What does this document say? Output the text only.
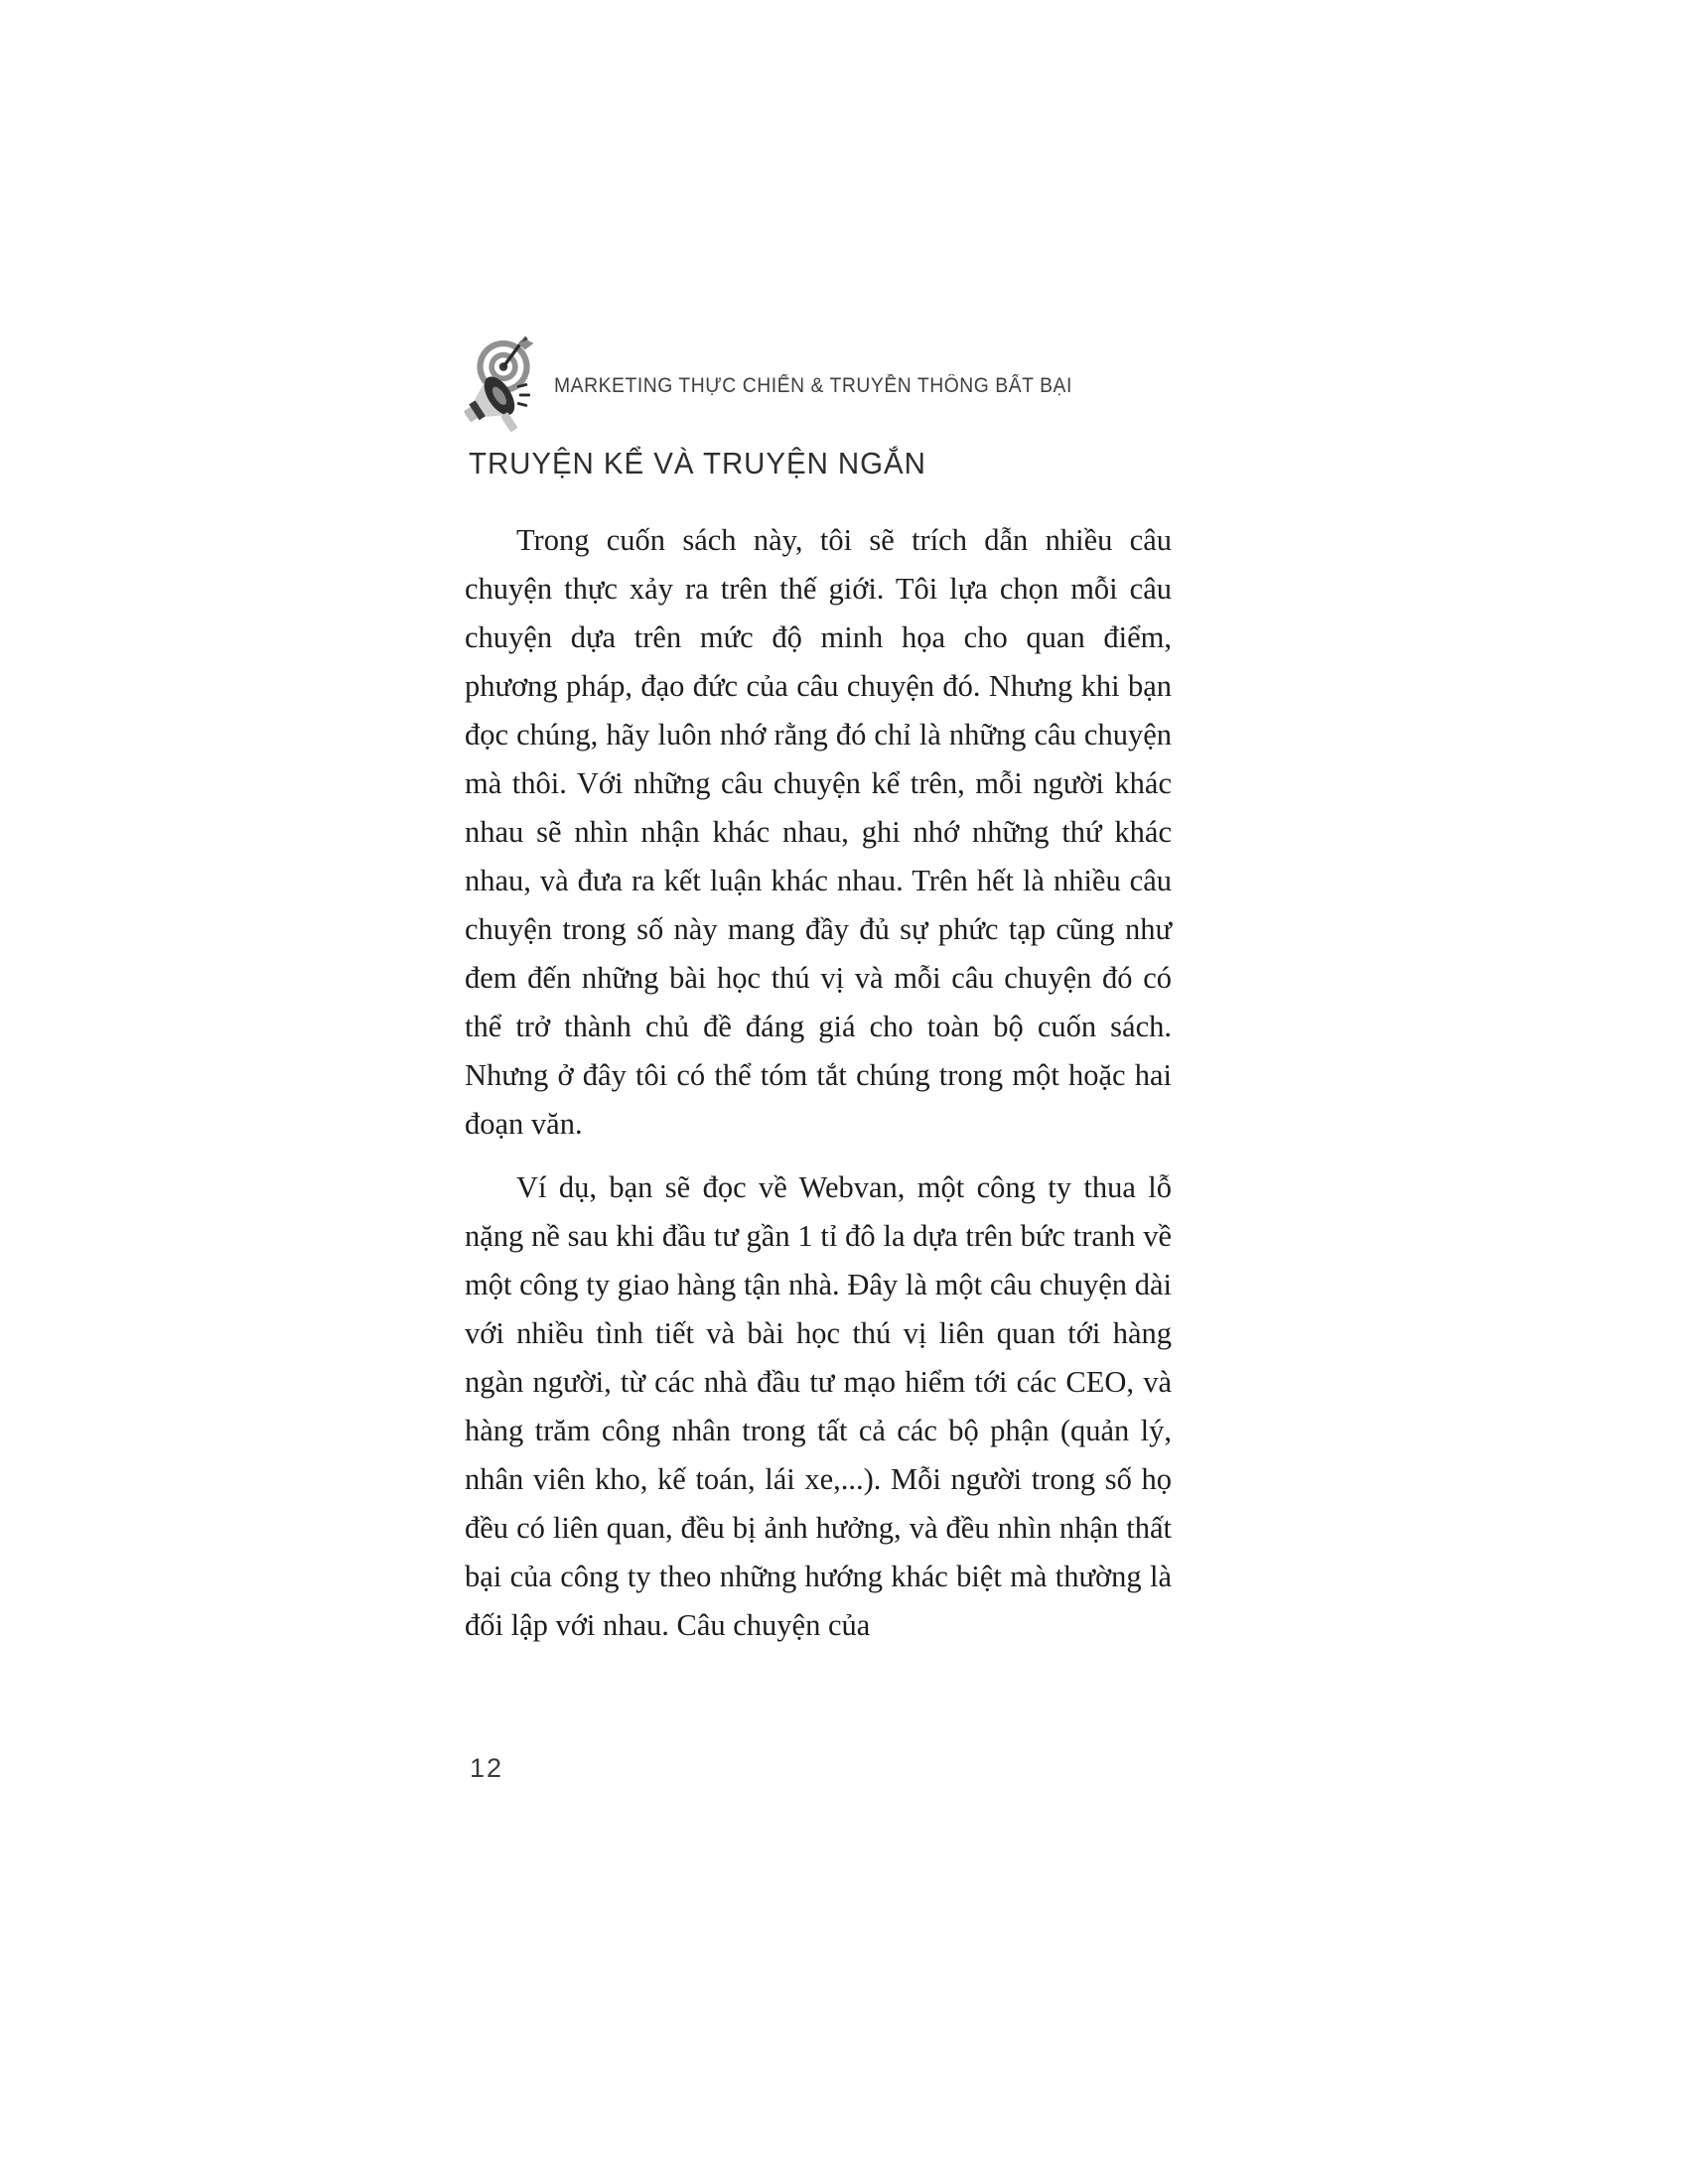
MARKETING THỰC CHIẾN & TRUYỀN THÔNG BẤT BẠI
TRUYỆN KỂ VÀ TRUYỆN NGẮN

Trong cuốn sách này, tôi sẽ trích dẫn nhiều câu chuyện thực xảy ra trên thế giới. Tôi lựa chọn mỗi câu chuyện dựa trên mức độ minh họa cho quan điểm, phương pháp, đạo đức của câu chuyện đó. Nhưng khi bạn đọc chúng, hãy luôn nhớ rằng đó chỉ là những câu chuyện mà thôi. Với những câu chuyện kể trên, mỗi người khác nhau sẽ nhìn nhận khác nhau, ghi nhớ những thứ khác nhau, và đưa ra kết luận khác nhau. Trên hết là nhiều câu chuyện trong số này mang đầy đủ sự phức tạp cũng như đem đến những bài học thú vị và mỗi câu chuyện đó có thể trở thành chủ đề đáng giá cho toàn bộ cuốn sách. Nhưng ở đây tôi có thể tóm tắt chúng trong một hoặc hai đoạn văn.

Ví dụ, bạn sẽ đọc về Webvan, một công ty thua lỗ nặng nề sau khi đầu tư gần 1 tỉ đô la dựa trên bức tranh về một công ty giao hàng tận nhà. Đây là một câu chuyện dài với nhiều tình tiết và bài học thú vị liên quan tới hàng ngàn người, từ các nhà đầu tư mạo hiểm tới các CEO, và hàng trăm công nhân trong tất cả các bộ phận (quản lý, nhân viên kho, kế toán, lái xe,...). Mỗi người trong số họ đều có liên quan, đều bị ảnh hưởng, và đều nhìn nhận thất bại của công ty theo những hướng khác biệt mà thường là đối lập với nhau. Câu chuyện của

12
